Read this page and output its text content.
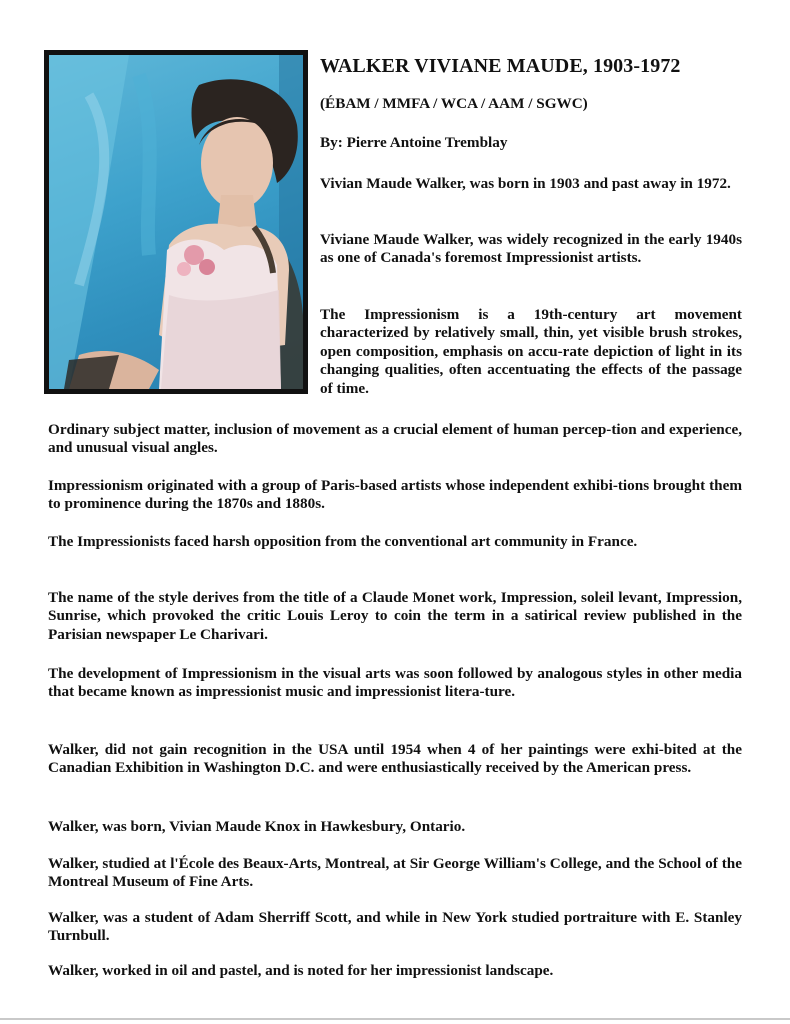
WALKER VIVIANE MAUDE, 1903-1972

(ÉBAM / MMFA / WCA / AAM / SGWC)

By: Pierre Antoine Tremblay

Vivian Maude Walker, was born in 1903 and past away in 1972.

Viviane Maude Walker, was widely recognized in the early 1940s as one of Canada's foremost Impressionist artists.

The Impressionism is a 19th-century art movement characterized by relatively small, thin, yet visible brush strokes, open composition, emphasis on accu-rate depiction of light in its changing qualities, often accentuating the effects of the passage of time.

Ordinary subject matter, inclusion of movement as a crucial element of human percep-tion and experience, and unusual visual angles.

Impressionism originated with a group of Paris-based artists whose independent exhibi-tions brought them to prominence during the 1870s and 1880s.

The Impressionists faced harsh opposition from the conventional art community in France.

The name of the style derives from the title of a Claude Monet work, Impression, soleil levant, Impression, Sunrise, which provoked the critic Louis Leroy to coin the term in a satirical review published in the Parisian newspaper Le Charivari.

The development of Impressionism in the visual arts was soon followed by analogous styles in other media that became known as impressionist music and impressionist litera-ture.

Walker, did not gain recognition in the USA until 1954 when 4 of her paintings were exhi-bited at the Canadian Exhibition in Washington D.C. and were enthusiastically received by the American press.

Walker, was born, Vivian Maude Knox in Hawkesbury, Ontario.

Walker, studied at l'École des Beaux-Arts, Montreal, at Sir George William's College, and the School of the Montreal Museum of Fine Arts.

Walker, was a student of Adam Sherriff Scott, and while in New York studied portraiture with E. Stanley Turnbull.

Walker, worked in oil and pastel, and is noted for her impressionist landscape.
